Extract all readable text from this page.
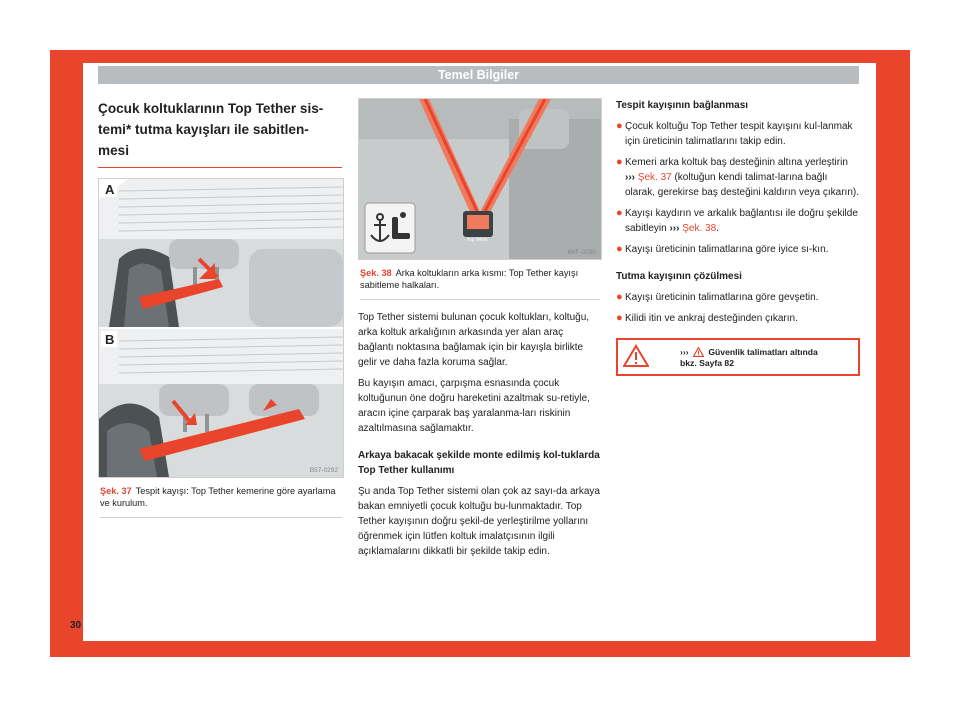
Temel Bilgiler
Çocuk koltuklarının Top Tether sis-
temi* tutma kayışları ile sabitlen-
mesi
A
B
B57-0292
Şek. 37 Tespit kayışı: Top Tether kemerine göre ayarlama ve kurulum.
Top Tether
B6F-0095
Şek. 38 Arka koltukların arka kısmı: Top Tether kayışı sabitleme halkaları.

Top Tether sistemi bulunan çocuk koltukları, koltuğu, arka koltuk arkalığının arkasında yer alan araç bağlantı noktasına bağlamak için bir kayışla birlikte gelir ve daha fazla koruma sağlar.

Bu kayışın amacı, çarpışma esnasında çocuk koltuğunun öne doğru hareketini azaltmak su-retiyle, aracın içine çarparak baş yaralanma-ları riskinin azaltılmasına sağlamaktır.

Arkaya bakacak şekilde monte edilmiş kol-tuklarda Top Tether kullanımı

Şu anda Top Tether sistemi olan çok az sayı-da arkaya bakan emniyetli çocuk koltuğu bu-lunmaktadır. Top Tether kayışının doğru şekil-de yerleştirilme yollarını öğrenmek için lütfen koltuk imalatçısının ilgili açıklamalarını dikkatli bir şekilde takip edin.

Tespit kayışının bağlanması
● Çocuk koltuğu Top Tether tespit kayışını kul-lanmak için üreticinin talimatlarını takip edin.
● Kemeri arka koltuk baş desteğinin altına yerleştirin ››› Şek. 37 (koltuğun kendi talimat-larına bağlı olarak, gerekirse baş desteğini kaldırın veya çıkarın).
● Kayışı kaydırın ve arkalık bağlantısı ile doğru şekilde sabitleyin ››› Şek. 38.
● Kayışı üreticinin talimatlarına göre iyice sı-kın.
Tutma kayışının çözülmesi
● Kayışı üreticinin talimatlarına göre gevşetin.
● Kilidi itin ve ankraj desteğinden çıkarın.
››› Güvenlik talimatları altında
bkz. Sayfa 82
30
